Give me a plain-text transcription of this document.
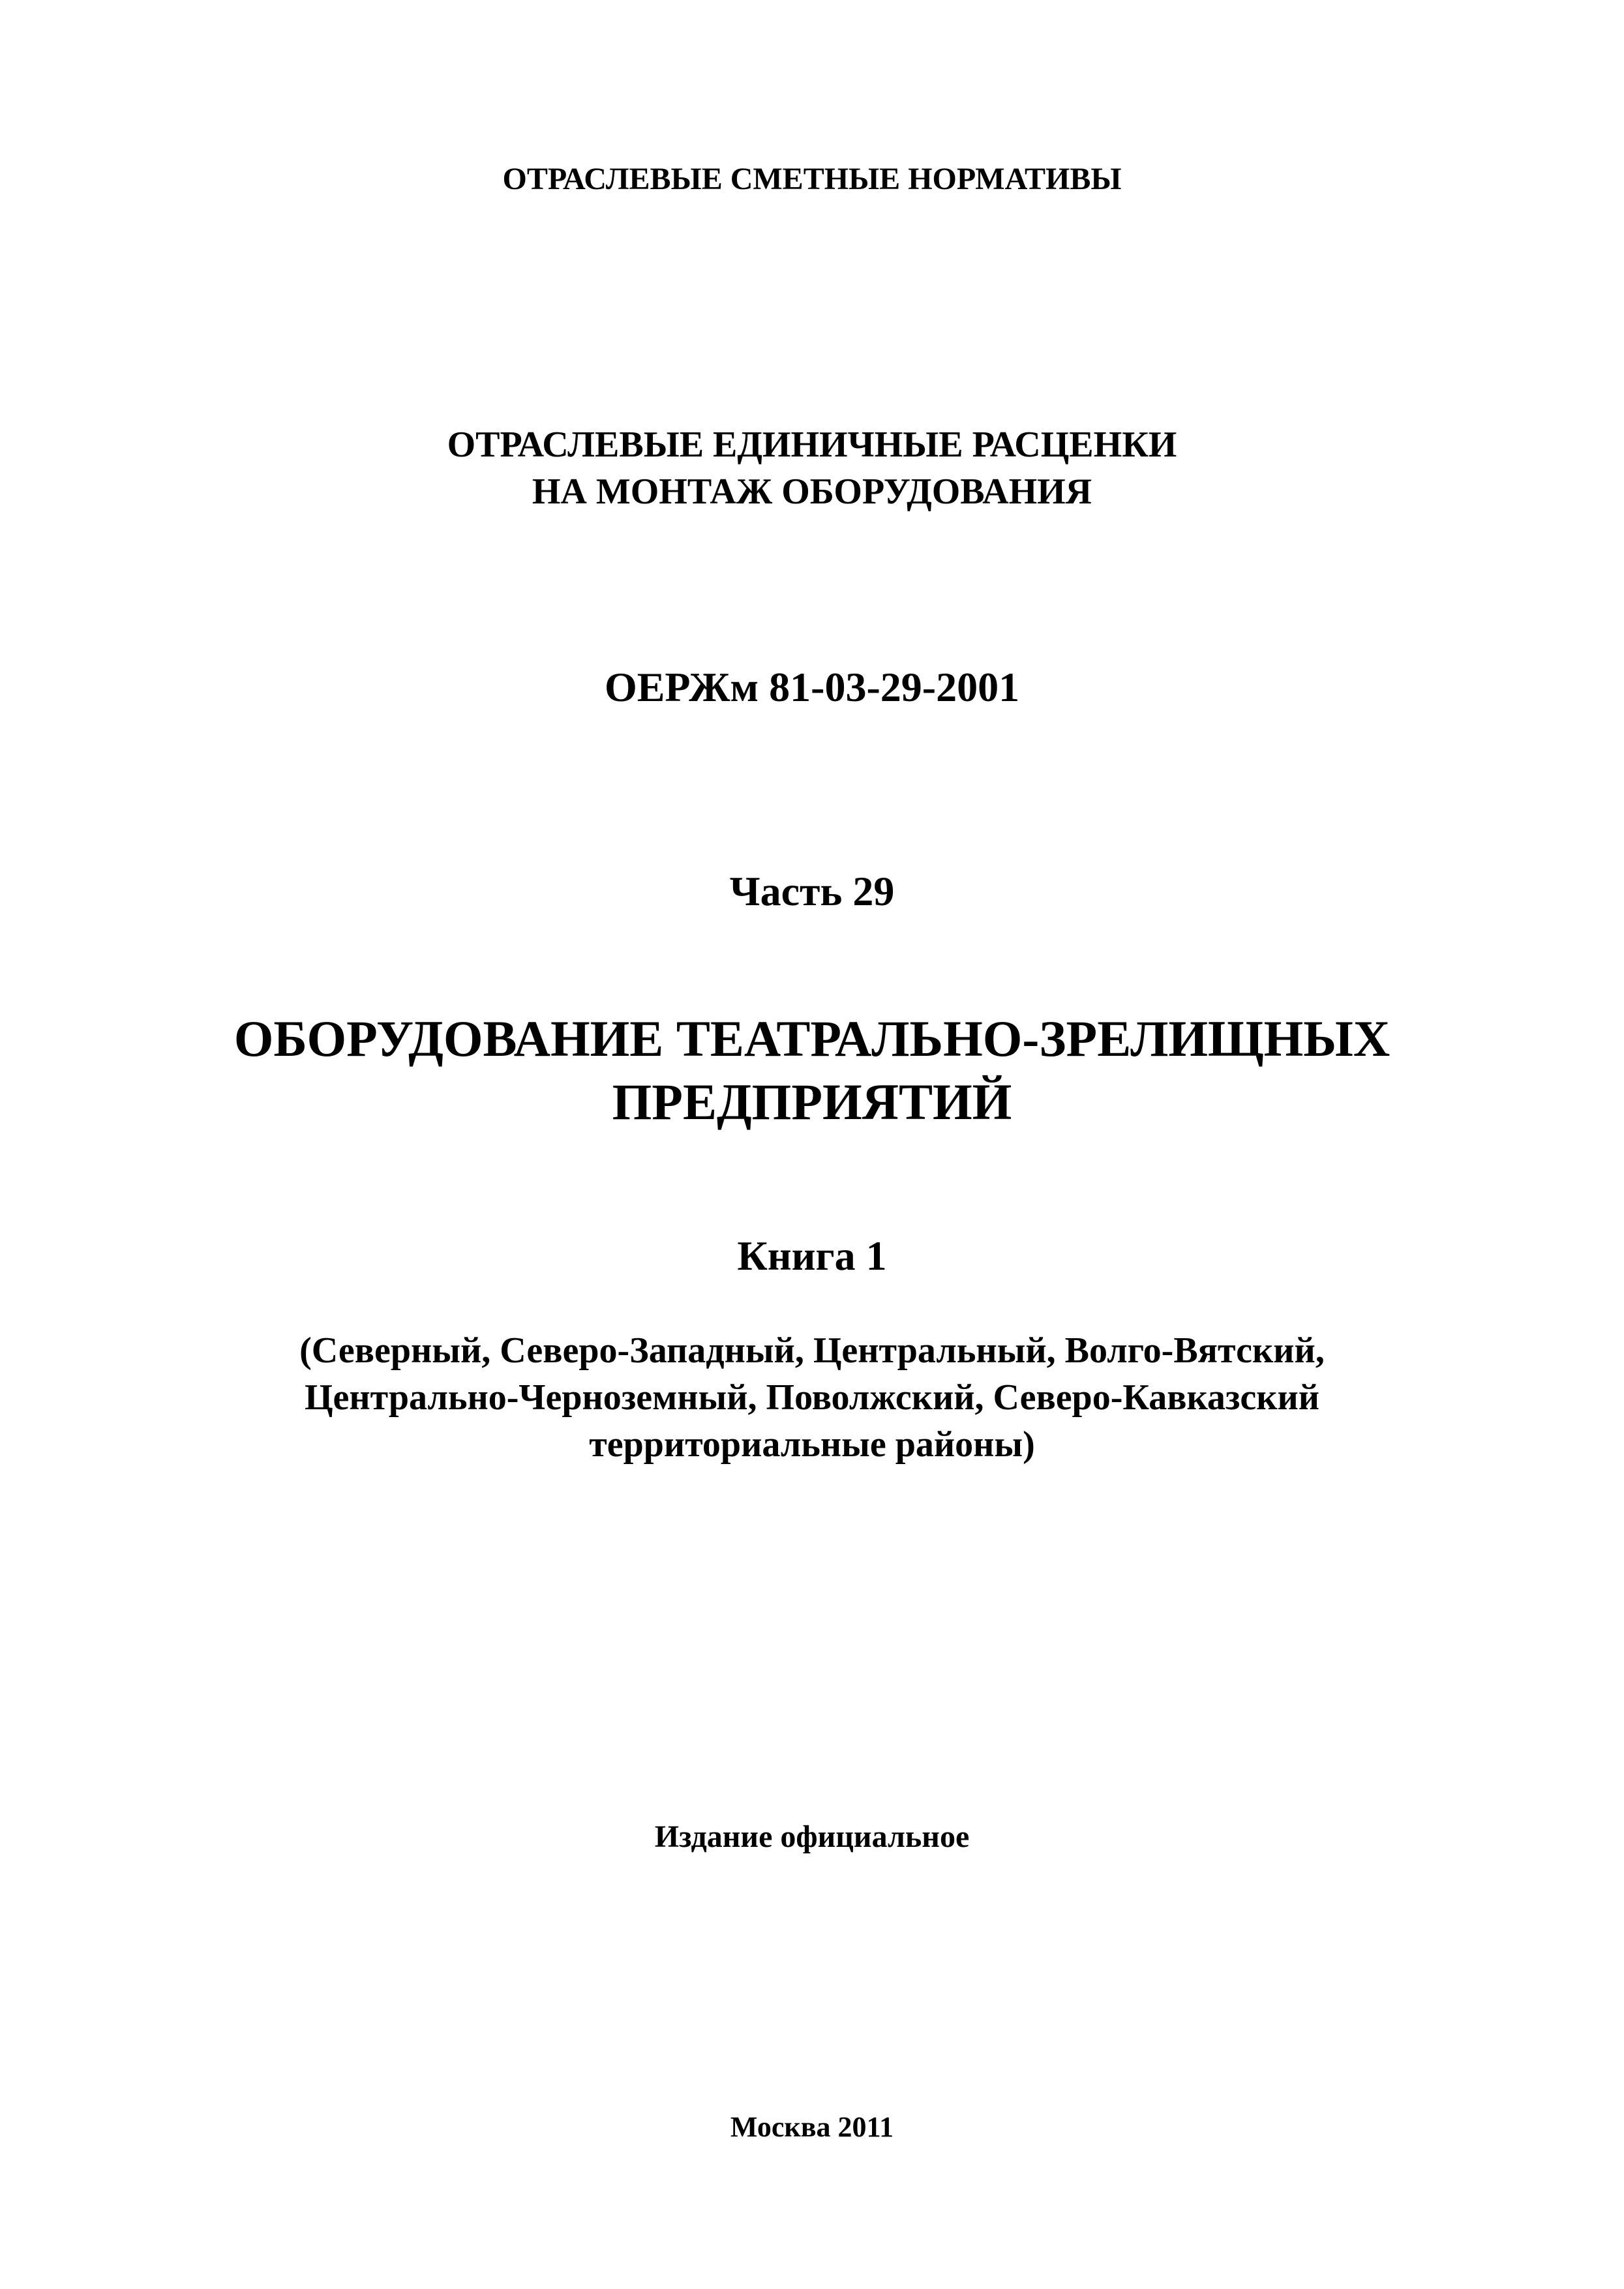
ОТРАСЛЕВЫЕ СМЕТНЫЕ НОРМАТИВЫ
ОТРАСЛЕВЫЕ ЕДИНИЧНЫЕ РАСЦЕНКИ
НА МОНТАЖ ОБОРУДОВАНИЯ
ОЕРЖм 81-03-29-2001
Часть 29
ОБОРУДОВАНИЕ ТЕАТРАЛЬНО-ЗРЕЛИЩНЫХ
ПРЕДПРИЯТИЙ
Книга 1
(Северный, Северо-Западный, Центральный, Волго-Вятский,
Центрально-Черноземный, Поволжский, Северо-Кавказский
территориальные районы)
Издание официальное
Москва 2011
